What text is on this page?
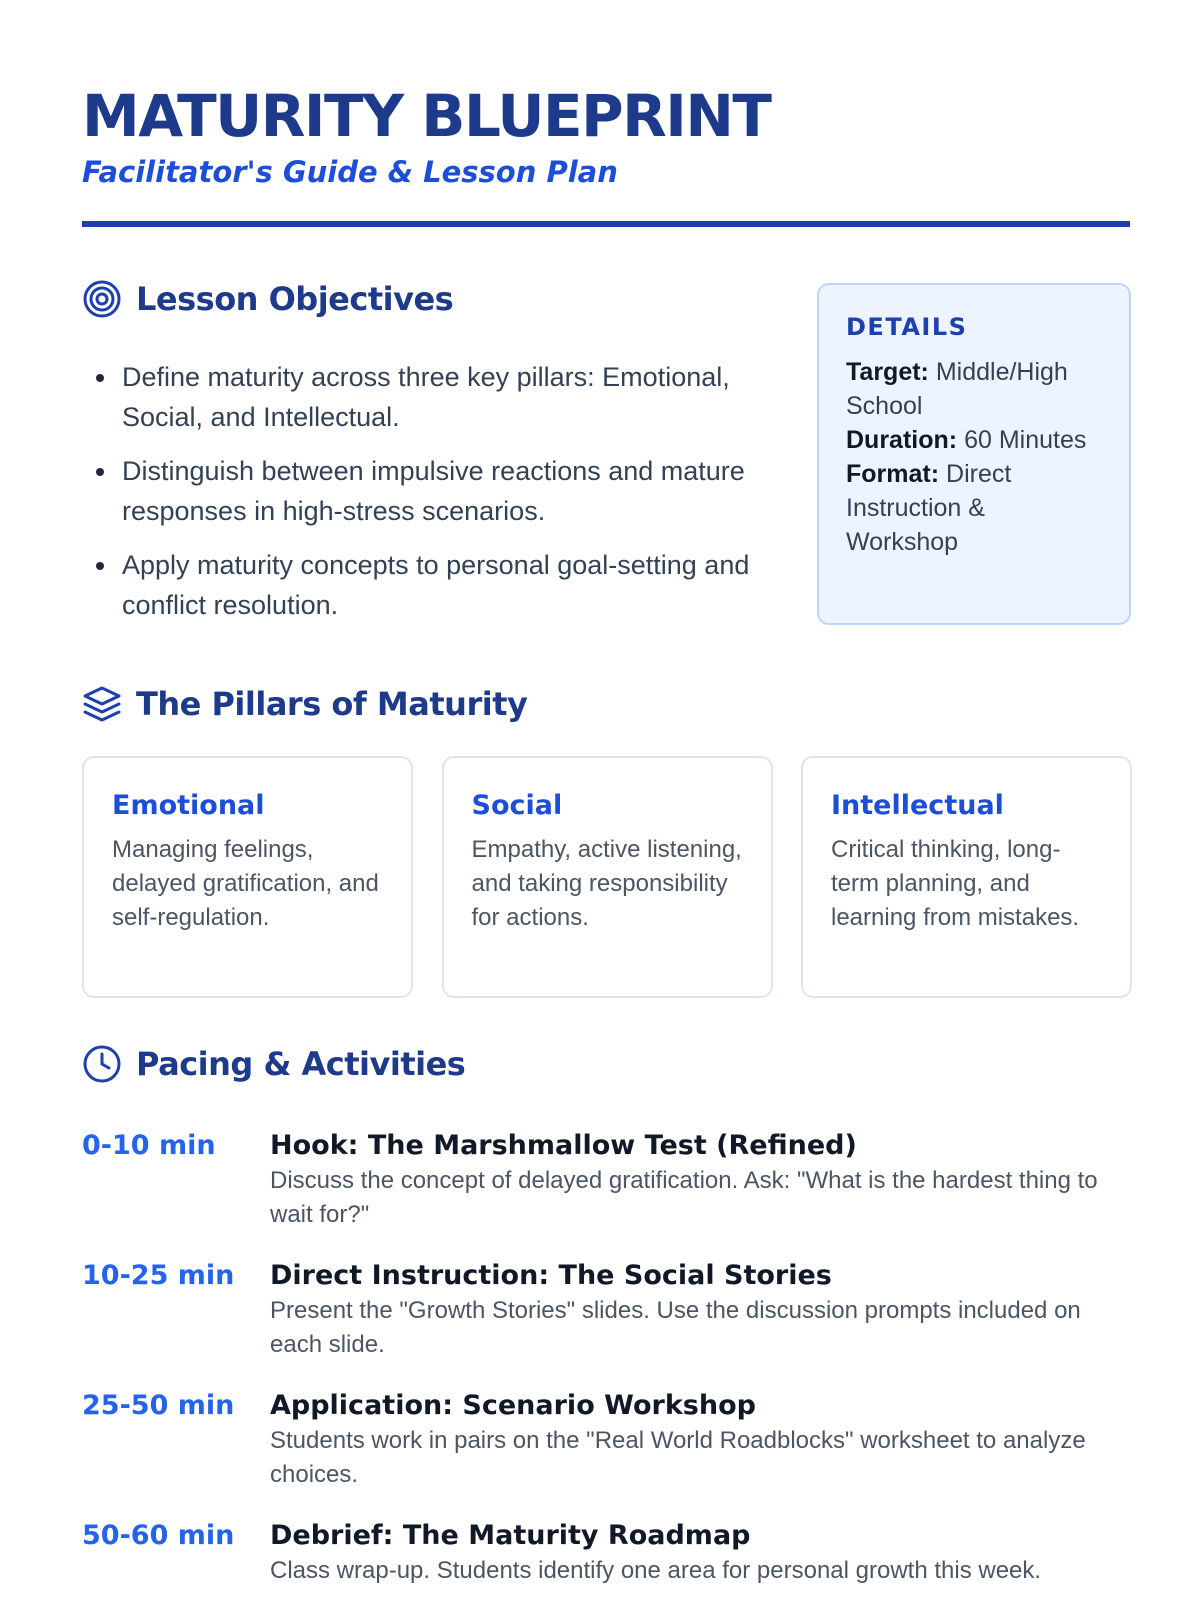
MATURITY BLUEPRINT
Facilitator's Guide & Lesson Plan
Lesson Objectives
Define maturity across three key pillars: Emotional, Social, and Intellectual.
Distinguish between impulsive reactions and mature responses in high-stress scenarios.
Apply maturity concepts to personal goal-setting and conflict resolution.
DETAILS

Target: Middle/High School

Duration: 60 Minutes

Format: Direct Instruction & Workshop

The Pillars of Maturity
Emotional

Managing feelings, delayed gratification, and self-regulation.

Social

Empathy, active listening, and taking responsibility for actions.

Intellectual

Critical thinking, long-term planning, and learning from mistakes.

Pacing & Activities
0-10 min	Hook: The Marshmallow Test (Refined)

Discuss the concept of delayed gratification. Ask: "What is the hardest thing to wait for?"

10-25 min	Direct Instruction: The Social Stories

Present the "Growth Stories" slides. Use the discussion prompts included on each slide.

25-50 min	Application: Scenario Workshop

Students work in pairs on the "Real World Roadblocks" worksheet to analyze choices.

50-60 min	Debrief: The Maturity Roadmap

Class wrap-up. Students identify one area for personal growth this week.
